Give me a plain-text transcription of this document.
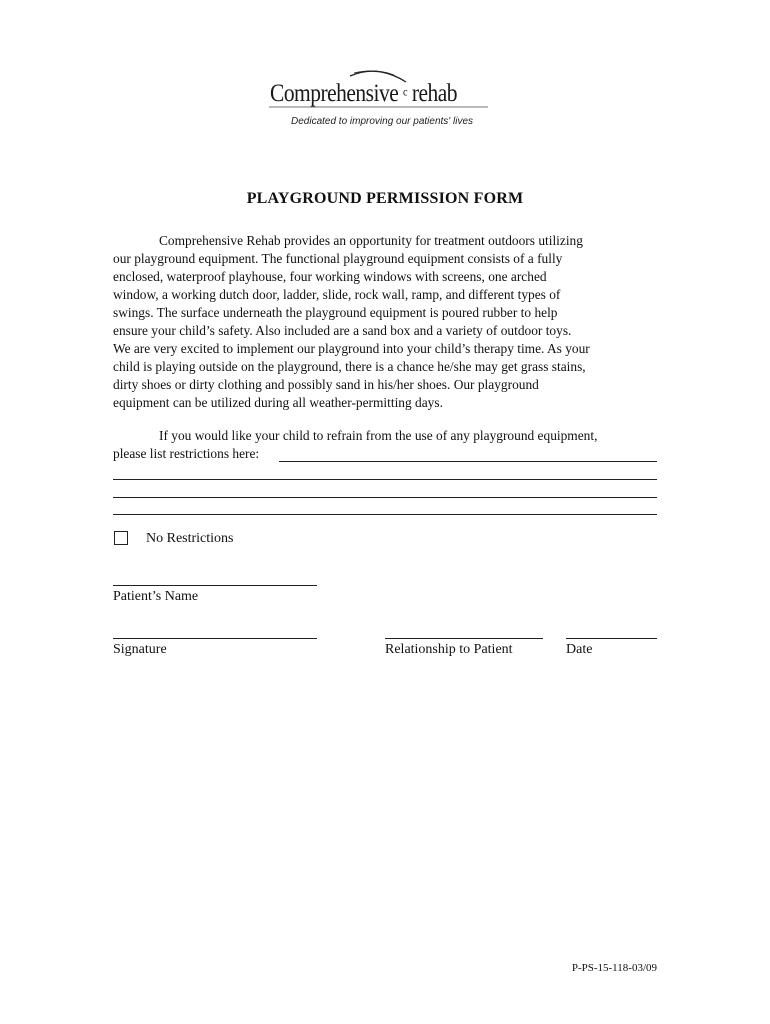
Comprehensive ᶜ rehab
Dedicated to improving our patients' lives
PLAYGROUND PERMISSION FORM
Comprehensive Rehab provides an opportunity for treatment outdoors utilizing
our playground equipment. The functional playground equipment consists of a fully
enclosed, waterproof playhouse, four working windows with screens, one arched
window, a working dutch door, ladder, slide, rock wall, ramp, and different types of
swings. The surface underneath the playground equipment is poured rubber to help
ensure your child’s safety. Also included are a sand box and a variety of outdoor toys.
We are very excited to implement our playground into your child’s therapy time. As your
child is playing outside on the playground, there is a chance he/she may get grass stains,
dirty shoes or dirty clothing and possibly sand in his/her shoes. Our playground
equipment can be utilized during all weather-permitting days.
If you would like your child to refrain from the use of any playground equipment,
please list restrictions here:
No Restrictions
Patient’s Name
Signature	Relationship to Patient	Date
P-PS-15-118-03/09
